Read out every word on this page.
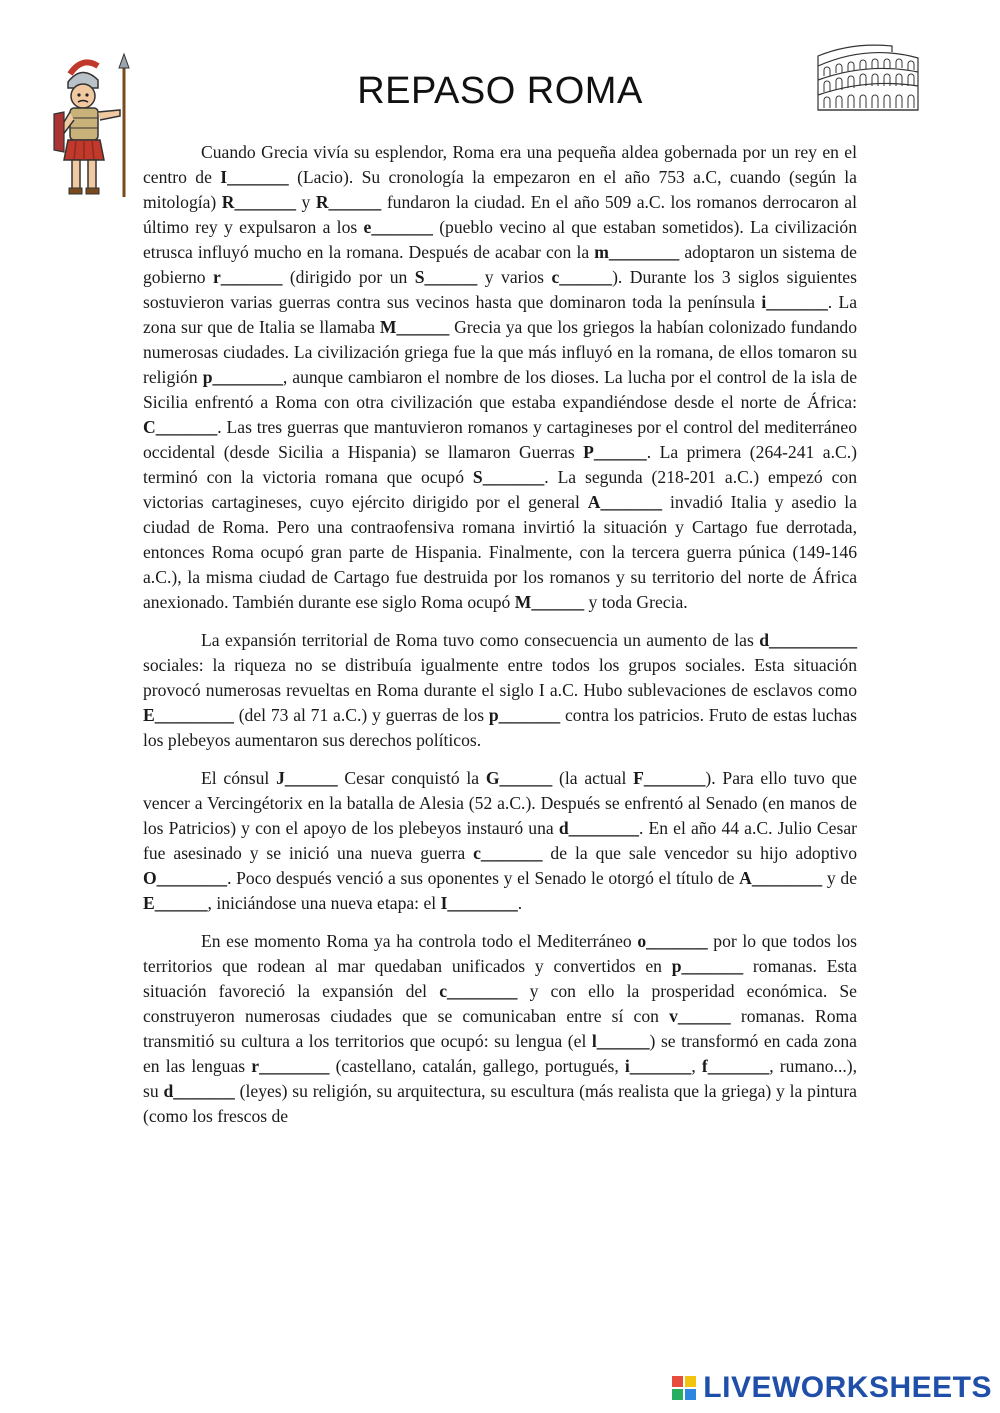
REPASO ROMA

Cuando Grecia vivía su esplendor, Roma era una pequeña aldea gobernada por un rey en el centro de I_______ (Lacio). Su cronología la empezaron en el año 753 a.C, cuando (según la mitología) R_______ y R______ fundaron la ciudad. En el año 509 a.C. los romanos derrocaron al último rey y expulsaron a los e_______ (pueblo vecino al que estaban sometidos). La civilización etrusca influyó mucho en la romana. Después de acabar con la m________ adoptaron un sistema de gobierno r_______ (dirigido por un S______ y varios c______). Durante los 3 siglos siguientes sostuvieron varias guerras contra sus vecinos hasta que dominaron toda la península i_______. La zona sur que de Italia se llamaba M______ Grecia ya que los griegos la habían colonizado fundando numerosas ciudades. La civilización griega fue la que más influyó en la romana, de ellos tomaron su religión p________, aunque cambiaron el nombre de los dioses. La lucha por el control de la isla de Sicilia enfrentó a Roma con otra civilización que estaba expandiéndose desde el norte de África: C_______. Las tres guerras que mantuvieron romanos y cartagineses por el control del mediterráneo occidental (desde Sicilia a Hispania) se llamaron Guerras P______. La primera (264-241 a.C.) terminó con la victoria romana que ocupó S_______. La segunda (218-201 a.C.) empezó con victorias cartagineses, cuyo ejército dirigido por el general A_______ invadió Italia y asedio la ciudad de Roma. Pero una contraofensiva romana invirtió la situación y Cartago fue derrotada, entonces Roma ocupó gran parte de Hispania. Finalmente, con la tercera guerra púnica (149-146 a.C.), la misma ciudad de Cartago fue destruida por los romanos y su territorio del norte de África anexionado. También durante ese siglo Roma ocupó M______ y toda Grecia.

La expansión territorial de Roma tuvo como consecuencia un aumento de las d__________ sociales: la riqueza no se distribuía igualmente entre todos los grupos sociales. Esta situación provocó numerosas revueltas en Roma durante el siglo I a.C. Hubo sublevaciones de esclavos como E_________ (del 73 al 71 a.C.) y guerras de los p_______ contra los patricios. Fruto de estas luchas los plebeyos aumentaron sus derechos políticos.

El cónsul J______ Cesar conquistó la G______ (la actual F_______). Para ello tuvo que vencer a Vercingétorix en la batalla de Alesia (52 a.C.). Después se enfrentó al Senado (en manos de los Patricios) y con el apoyo de los plebeyos instauró una d________. En el año 44 a.C. Julio Cesar fue asesinado y se inició una nueva guerra c_______ de la que sale vencedor su hijo adoptivo O________. Poco después venció a sus oponentes y el Senado le otorgó el título de A________ y de E______, iniciándose una nueva etapa: el I________.

En ese momento Roma ya ha controla todo el Mediterráneo o_______ por lo que todos los territorios que rodean al mar quedaban unificados y convertidos en p_______ romanas. Esta situación favoreció la expansión del c________ y con ello la prosperidad económica. Se construyeron numerosas ciudades que se comunicaban entre sí con v______ romanas. Roma transmitió su cultura a los territorios que ocupó: su lengua (el l______) se transformó en cada zona en las lenguas r________ (castellano, catalán, gallego, portugués, i_______, f_______, rumano...), su d_______ (leyes) su religión, su arquitectura, su escultura (más realista que la griega) y la pintura (como los frescos de

LIVEWORKSHEETS
